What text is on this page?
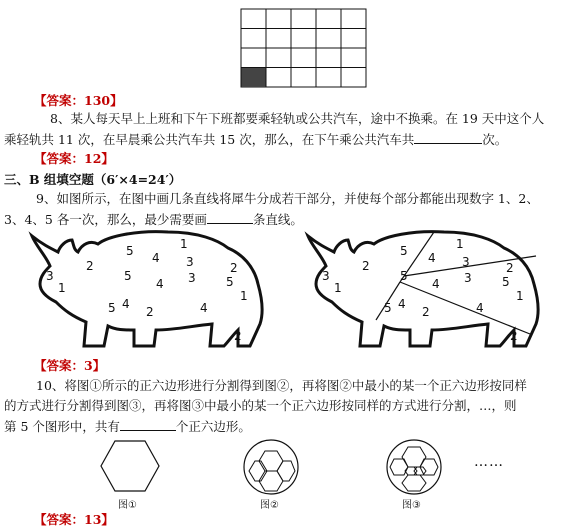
【答案：130】
8、某人每天早上上班和下午下班都要乘轻轨或公共汽车，途中不换乘。在 19 天中这个人
乘轻轨共 11 次，在早晨乘公共汽车共 15 次，那么，在下午乘公共汽车共	次。
【答案：12】
三、B 组填空题（6′×4=24′）
9、如图所示，在图中画几条直线将犀牛分成若干部分，并使每个部分都能出现数字 1、2、
3、4、5 各一次，那么，最少需要画	条直线。
2
5	1
4
3
3
1
2
5
4	5
3
4
1
5	2	4
2
2
5	1
4
3
3
1
2
5
4	5
3
4
1
5	2	4
2
【答案：3】
10、将图①所示的正六边形进行分割得到图②，再将图②中最小的某一个正六边形按同样
的方式进行分割得到图③，再将图③中最小的某一个正六边形按同样的方式进行分割，…，则
第 5 个图形中，共有	个正六边形。
图①	图②	图③
……
【答案：13】
